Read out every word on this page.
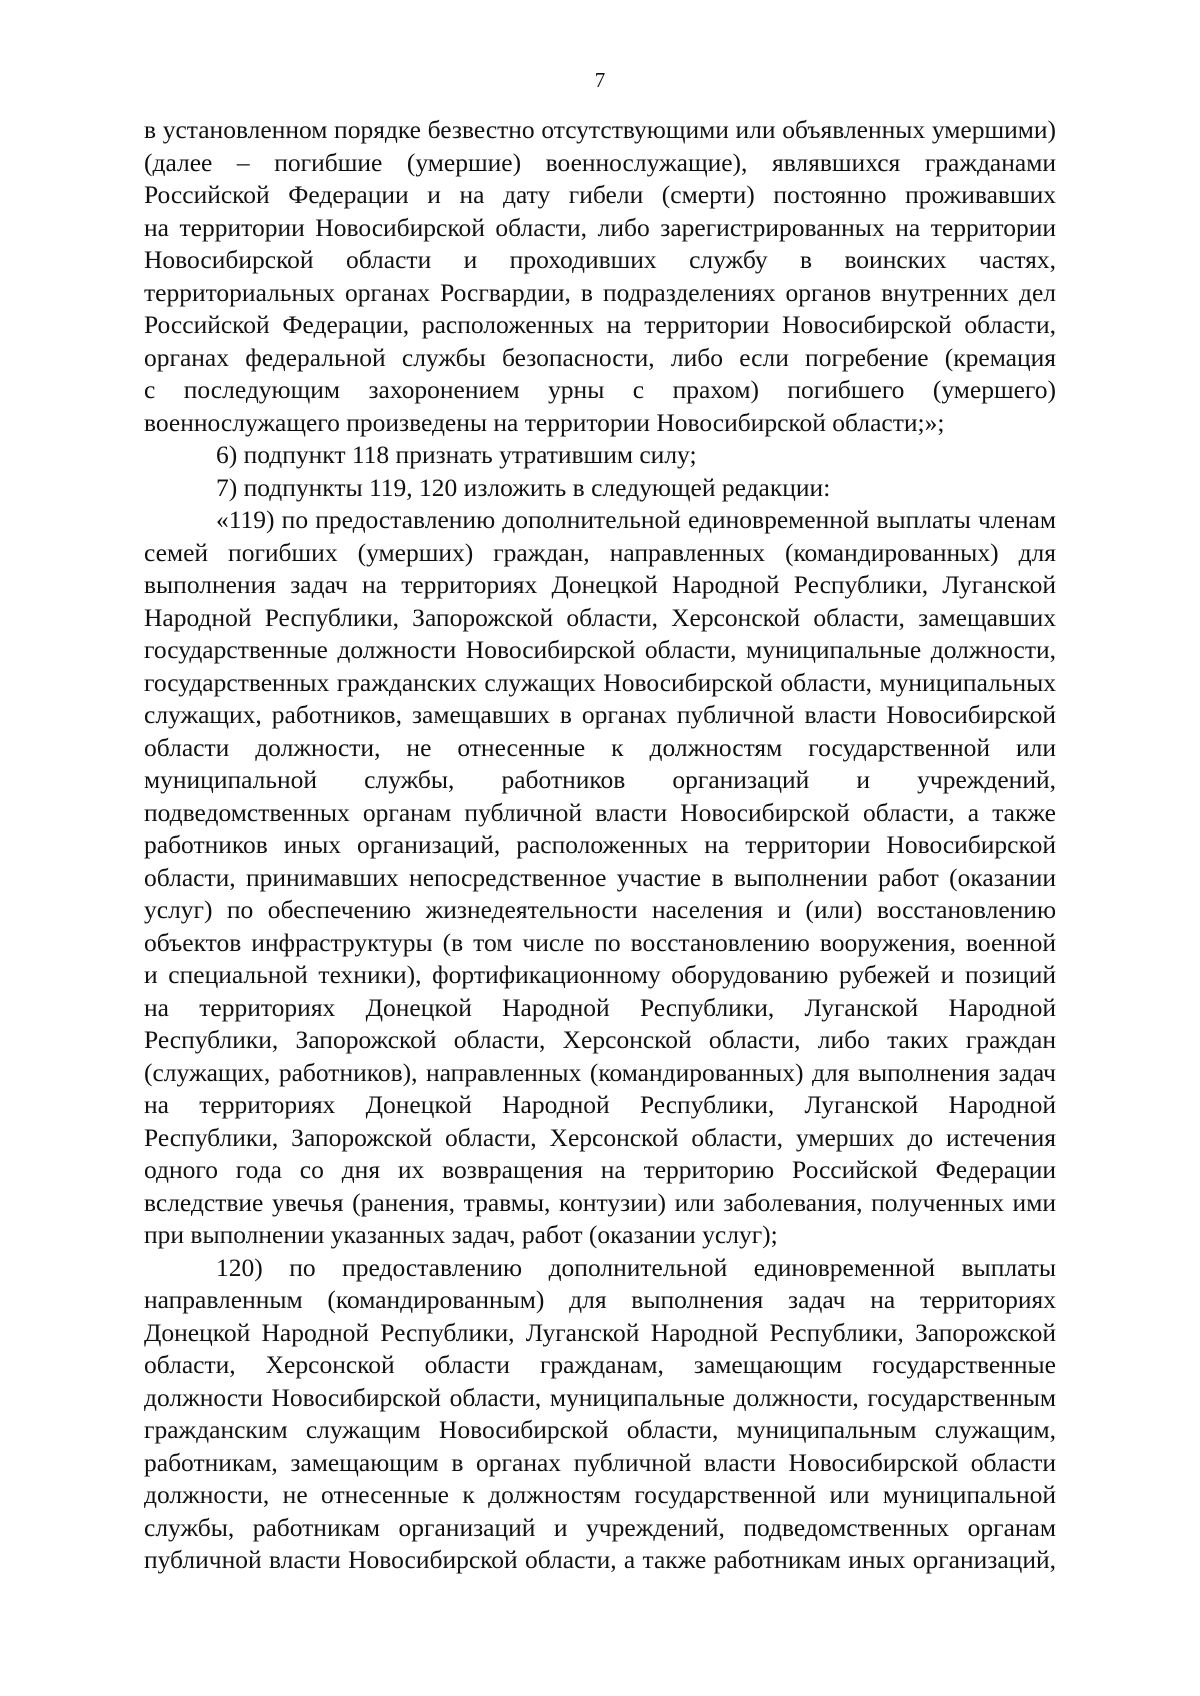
7
в установленном порядке безвестно отсутствующими или объявленных умершими)
(далее – погибшие (умершие) военнослужащие), являвшихся гражданами
Российской Федерации и на дату гибели (смерти) постоянно проживавших
на территории Новосибирской области, либо зарегистрированных на территории
Новосибирской области и проходивших службу в воинских частях,
территориальных органах Росгвардии, в подразделениях органов внутренних дел
Российской Федерации, расположенных на территории Новосибирской области,
органах федеральной службы безопасности, либо если погребение (кремация
с последующим захоронением урны с прахом) погибшего (умершего)
военнослужащего произведены на территории Новосибирской области;»;
6) подпункт 118 признать утратившим силу;
7) подпункты 119, 120 изложить в следующей редакции:
«119) по предоставлению дополнительной единовременной выплаты членам
семей погибших (умерших) граждан, направленных (командированных) для
выполнения задач на территориях Донецкой Народной Республики, Луганской
Народной Республики, Запорожской области, Херсонской области, замещавших
государственные должности Новосибирской области, муниципальные должности,
государственных гражданских служащих Новосибирской области, муниципальных
служащих, работников, замещавших в органах публичной власти Новосибирской
области должности, не отнесенные к должностям государственной или
муниципальной службы, работников организаций и учреждений,
подведомственных органам публичной власти Новосибирской области, а также
работников иных организаций, расположенных на территории Новосибирской
области, принимавших непосредственное участие в выполнении работ (оказании
услуг) по обеспечению жизнедеятельности населения и (или) восстановлению
объектов инфраструктуры (в том числе по восстановлению вооружения, военной
и специальной техники), фортификационному оборудованию рубежей и позиций
на территориях Донецкой Народной Республики, Луганской Народной
Республики, Запорожской области, Херсонской области, либо таких граждан
(служащих, работников), направленных (командированных) для выполнения задач
на территориях Донецкой Народной Республики, Луганской Народной
Республики, Запорожской области, Херсонской области, умерших до истечения
одного года со дня их возвращения на территорию Российской Федерации
вследствие увечья (ранения, травмы, контузии) или заболевания, полученных ими
при выполнении указанных задач, работ (оказании услуг);
120) по предоставлению дополнительной единовременной выплаты
направленным (командированным) для выполнения задач на территориях
Донецкой Народной Республики, Луганской Народной Республики, Запорожской
области, Херсонской области гражданам, замещающим государственные
должности Новосибирской области, муниципальные должности, государственным
гражданским служащим Новосибирской области, муниципальным служащим,
работникам, замещающим в органах публичной власти Новосибирской области
должности, не отнесенные к должностям государственной или муниципальной
службы, работникам организаций и учреждений, подведомственных органам
публичной власти Новосибирской области, а также работникам иных организаций,
